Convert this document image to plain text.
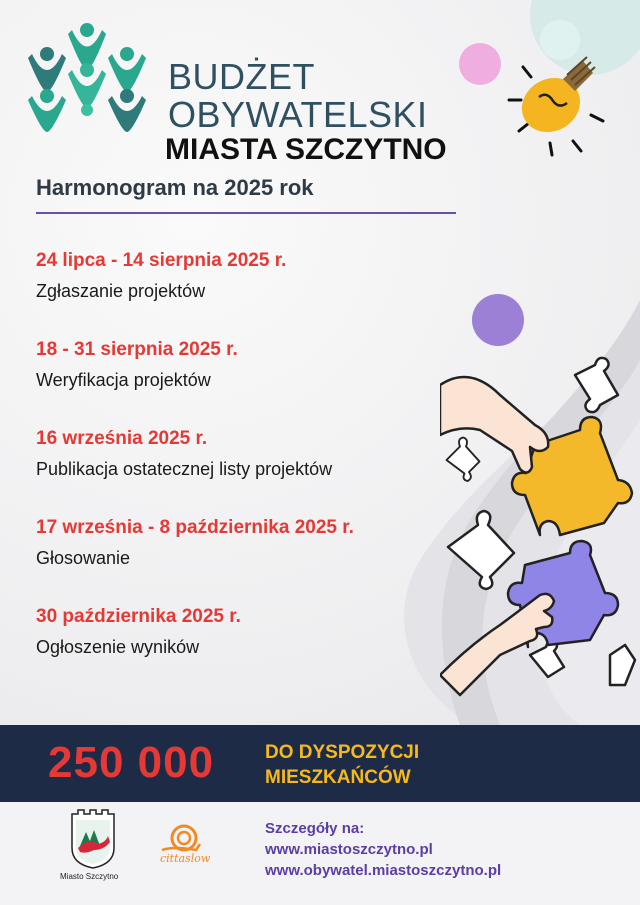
BUDŻET
OBYWATELSKI
MIASTA SZCZYTNO
Harmonogram na 2025 rok
24 lipca - 14 sierpnia 2025 r.
Zgłaszanie projektów
18 - 31 sierpnia 2025 r.
Weryfikacja projektów
16 września 2025 r.
Publikacja ostatecznej listy projektów
17 września - 8 października 2025 r.
Głosowanie
30 października 2025 r.
Ogłoszenie wyników
250 000	DO DYSPOZYCJI
MIESZKAŃCÓW
Miasto Szczytno
cittaslow
Szczegóły na:
www.miastoszczytno.pl
www.obywatel.miastoszczytno.pl
